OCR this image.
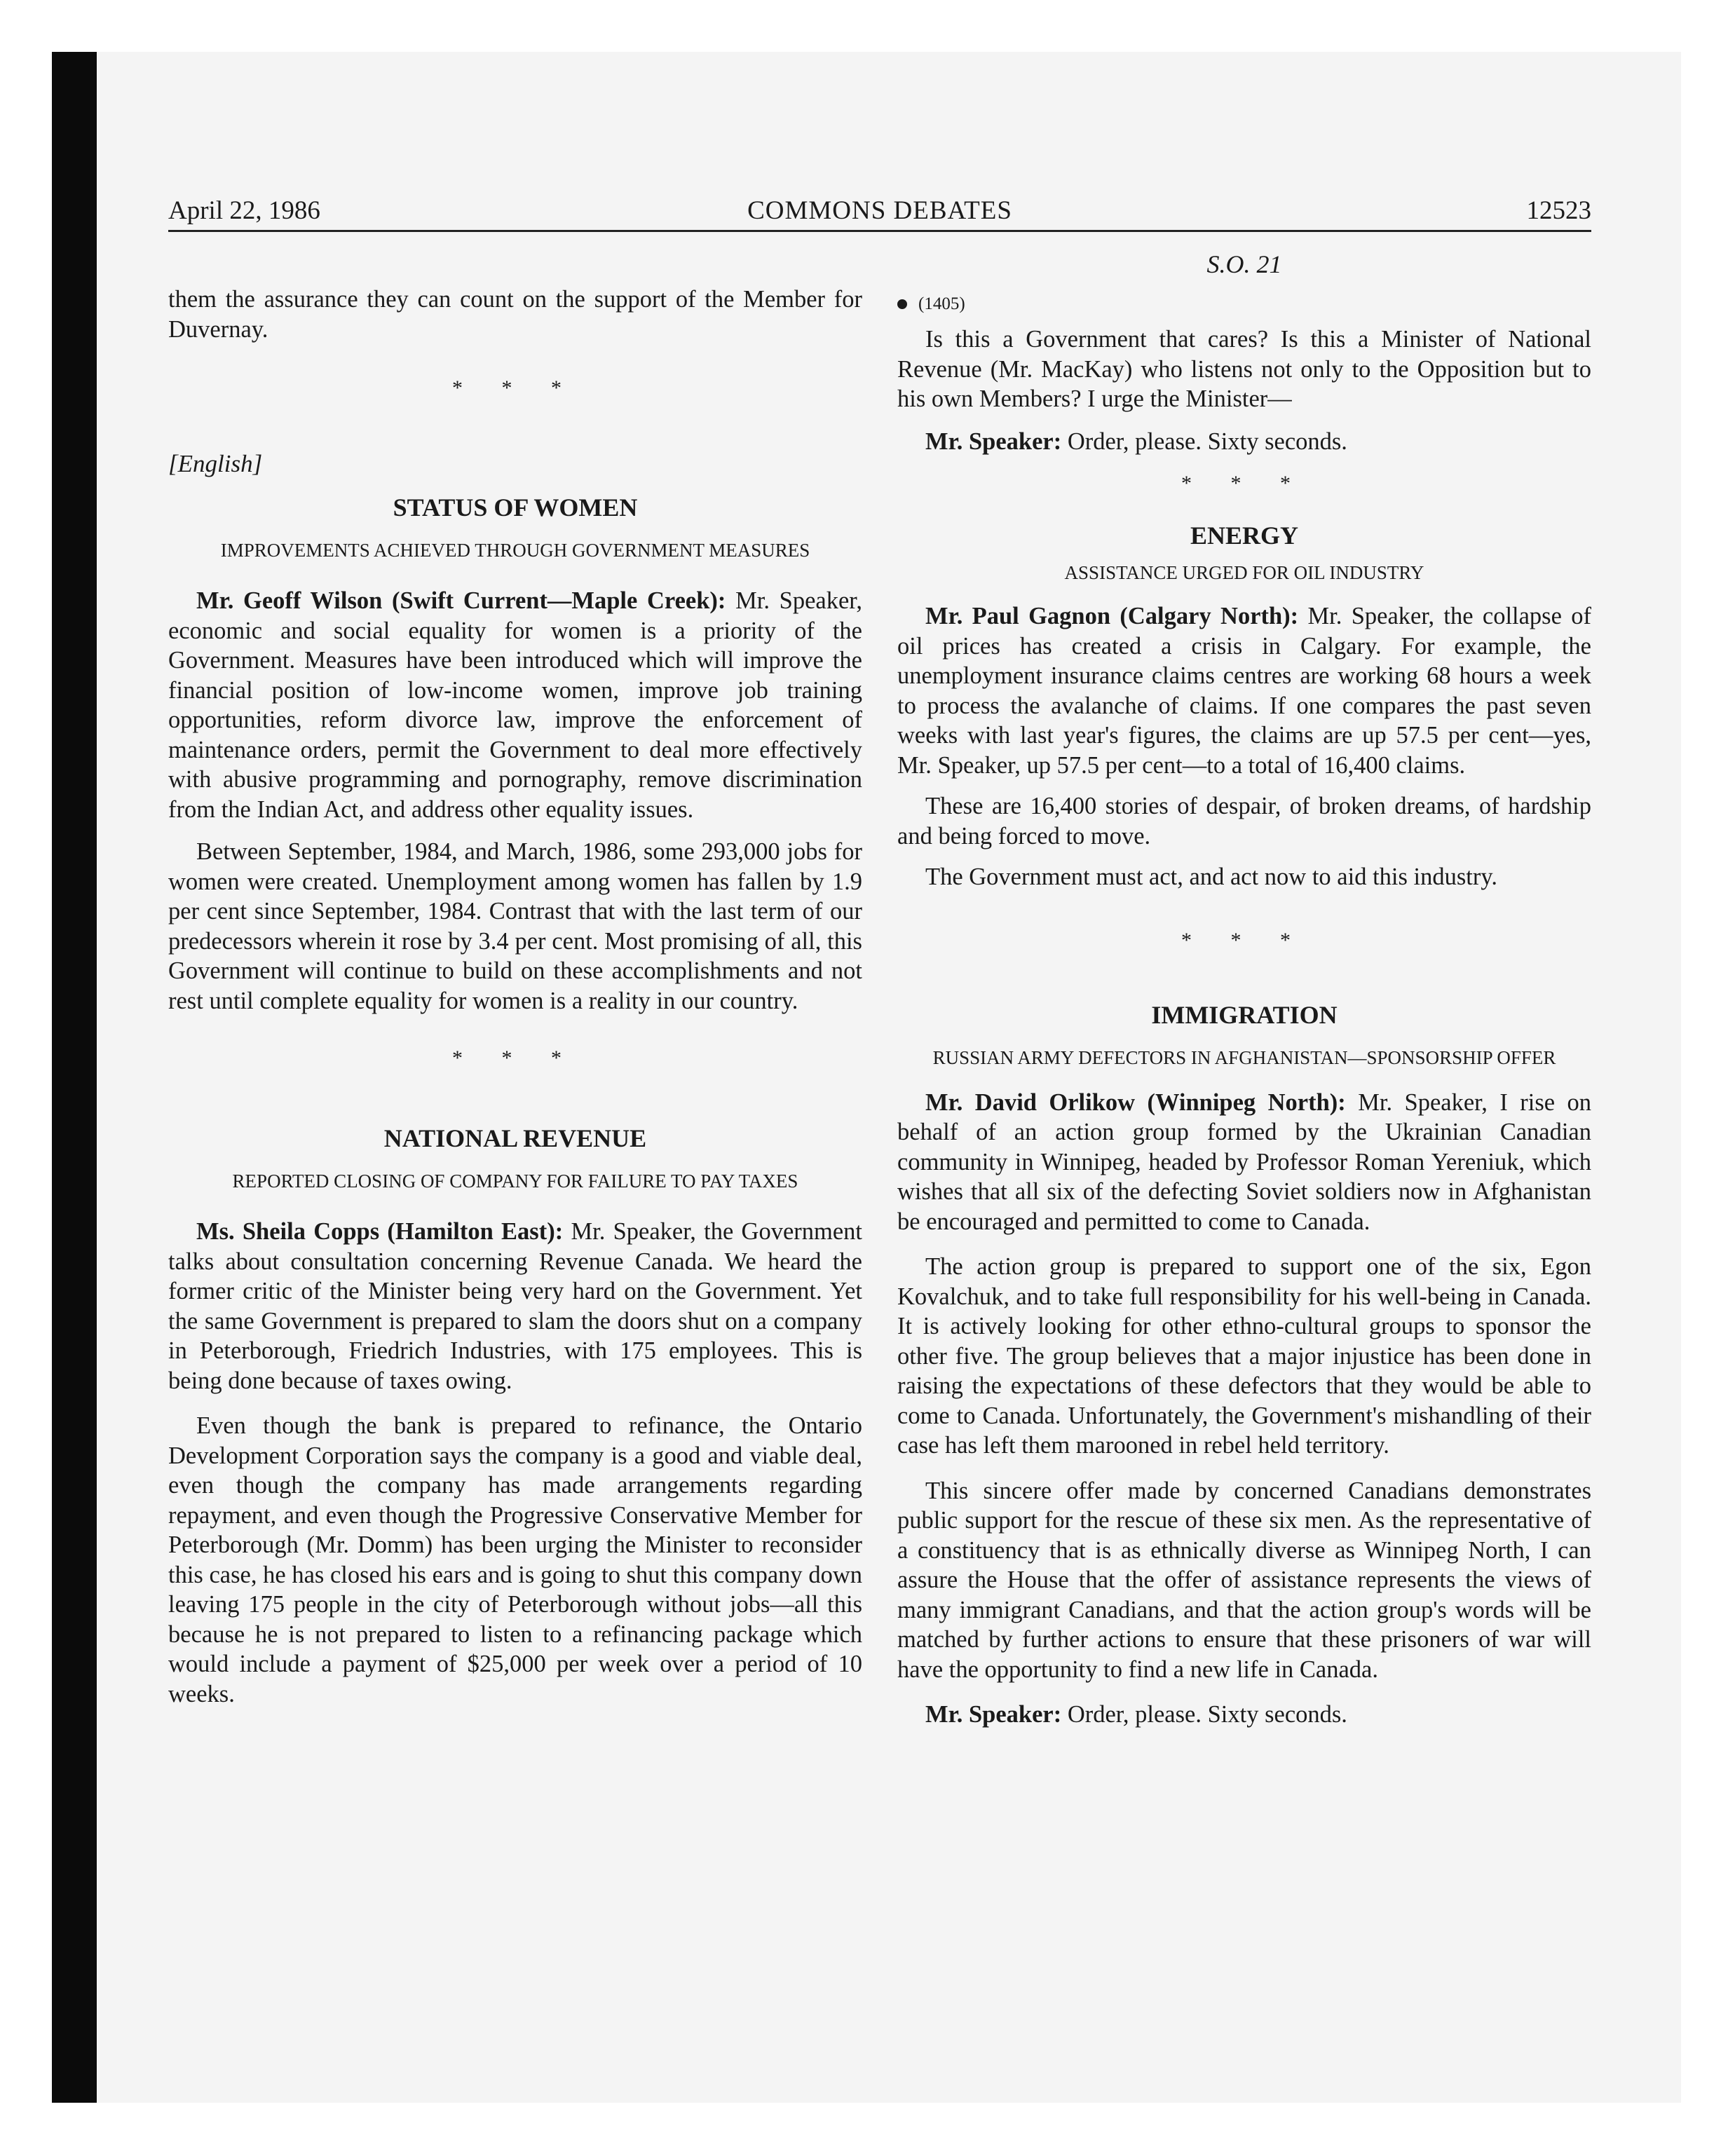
COMMONS DEBATES
April 22, 1986	12523

them the assurance they can count on the support of the Member for Duvernay.

* * *
[English]
STATUS OF WOMEN
IMPROVEMENTS ACHIEVED THROUGH GOVERNMENT MEASURES

Mr. Geoff Wilson (Swift Current—Maple Creek): Mr. Speaker, economic and social equality for women is a priority of the Government. Measures have been introduced which will improve the financial position of low-income women, improve job training opportunities, reform divorce law, improve the enforcement of maintenance orders, permit the Government to deal more effectively with abusive programming and pornography, remove discrimination from the Indian Act, and address other equality issues.

Between September, 1984, and March, 1986, some 293,000 jobs for women were created. Unemployment among women has fallen by 1.9 per cent since September, 1984. Contrast that with the last term of our predecessors wherein it rose by 3.4 per cent. Most promising of all, this Government will continue to build on these accomplishments and not rest until complete equality for women is a reality in our country.

* * *
NATIONAL REVENUE
REPORTED CLOSING OF COMPANY FOR FAILURE TO PAY TAXES

Ms. Sheila Copps (Hamilton East): Mr. Speaker, the Government talks about consultation concerning Revenue Canada. We heard the former critic of the Minister being very hard on the Government. Yet the same Government is prepared to slam the doors shut on a company in Peterborough, Friedrich Industries, with 175 employees. This is being done because of taxes owing.

Even though the bank is prepared to refinance, the Ontario Development Corporation says the company is a good and viable deal, even though the company has made arrangements regarding repayment, and even though the Progressive Conservative Member for Peterborough (Mr. Domm) has been urging the Minister to reconsider this case, he has closed his ears and is going to shut this company down leaving 175 people in the city of Peterborough without jobs—all this because he is not prepared to listen to a refinancing package which would include a payment of $25,000 per week over a period of 10 weeks.

S.O. 21
(1405)

Is this a Government that cares? Is this a Minister of National Revenue (Mr. MacKay) who listens not only to the Opposition but to his own Members? I urge the Minister—

Mr. Speaker: Order, please. Sixty seconds.

* * *
ENERGY
ASSISTANCE URGED FOR OIL INDUSTRY

Mr. Paul Gagnon (Calgary North): Mr. Speaker, the collapse of oil prices has created a crisis in Calgary. For example, the unemployment insurance claims centres are working 68 hours a week to process the avalanche of claims. If one compares the past seven weeks with last year's figures, the claims are up 57.5 per cent—yes, Mr. Speaker, up 57.5 per cent—to a total of 16,400 claims.

These are 16,400 stories of despair, of broken dreams, of hardship and being forced to move.

The Government must act, and act now to aid this industry.

* * *
IMMIGRATION
RUSSIAN ARMY DEFECTORS IN AFGHANISTAN—SPONSORSHIP OFFER

Mr. David Orlikow (Winnipeg North): Mr. Speaker, I rise on behalf of an action group formed by the Ukrainian Canadian community in Winnipeg, headed by Professor Roman Yereniuk, which wishes that all six of the defecting Soviet soldiers now in Afghanistan be encouraged and permitted to come to Canada.

The action group is prepared to support one of the six, Egon Kovalchuk, and to take full responsibility for his well-being in Canada. It is actively looking for other ethno-cultural groups to sponsor the other five. The group believes that a major injustice has been done in raising the expectations of these defectors that they would be able to come to Canada. Unfortunately, the Government's mishandling of their case has left them marooned in rebel held territory.

This sincere offer made by concerned Canadians demonstrates public support for the rescue of these six men. As the representative of a constituency that is as ethnically diverse as Winnipeg North, I can assure the House that the offer of assistance represents the views of many immigrant Canadians, and that the action group's words will be matched by further actions to ensure that these prisoners of war will have the opportunity to find a new life in Canada.

Mr. Speaker: Order, please. Sixty seconds.
